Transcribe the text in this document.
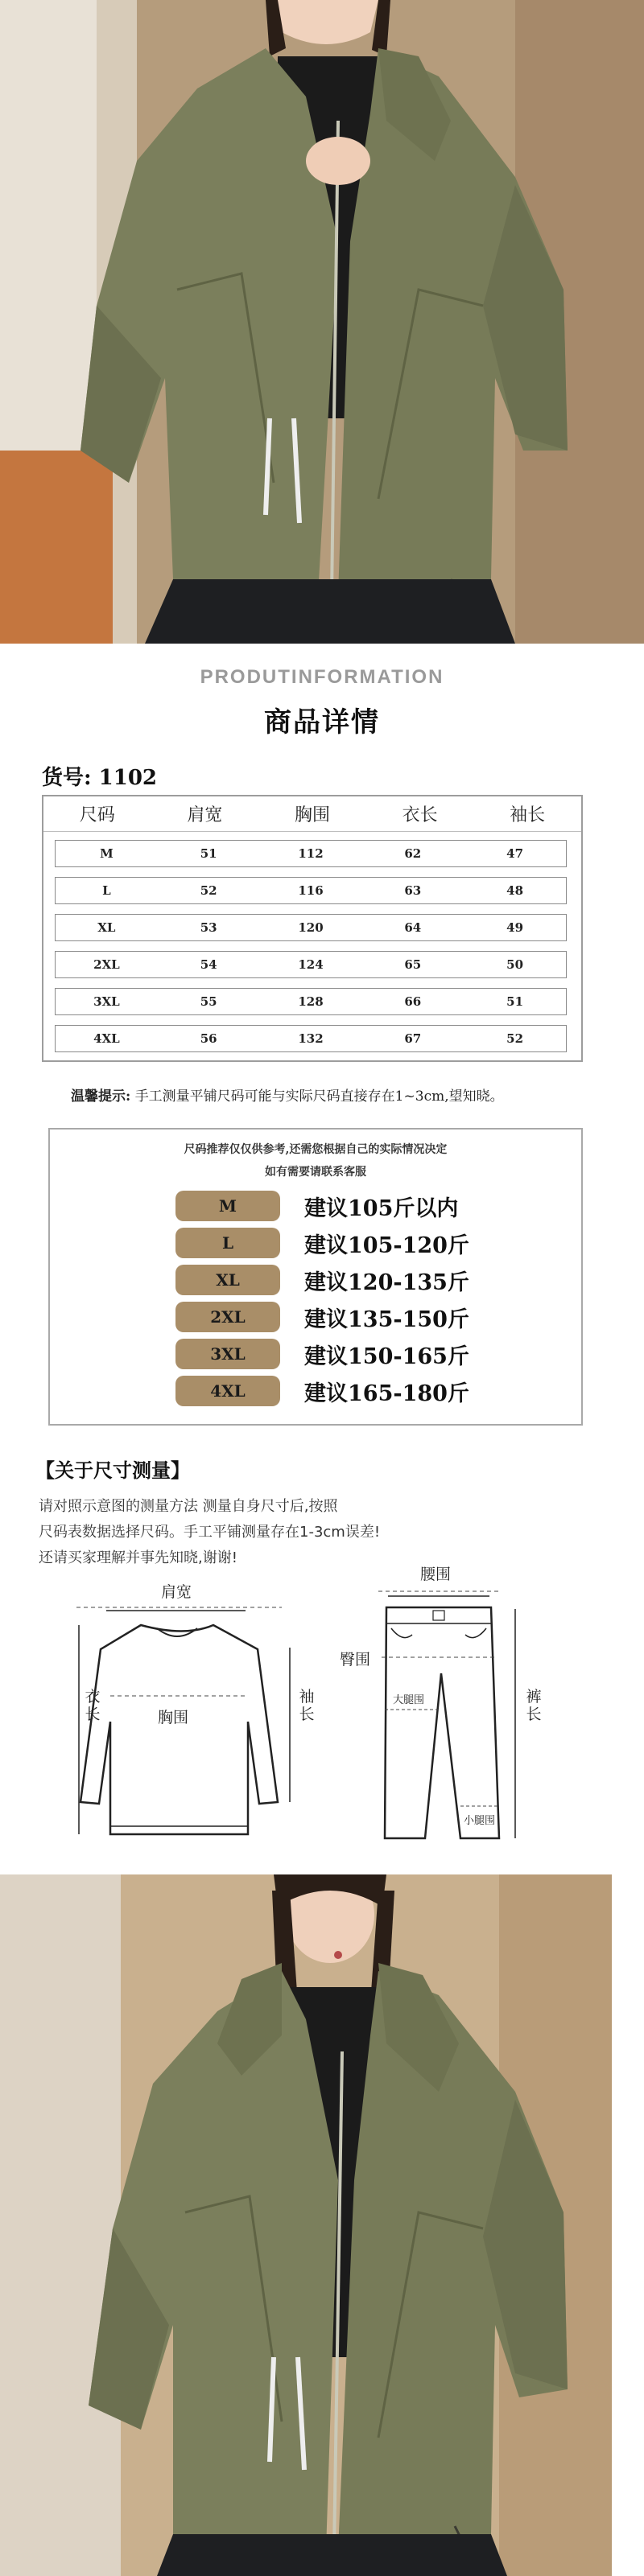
PRODUTINFORMATION
商品详情
货号: 1102
尺码	肩宽	胸围	衣长	袖长
M	51	112	62	47
L	52	116	63	48
XL	53	120	64	49
2XL	54	124	65	50
3XL	55	128	66	51
4XL	56	132	67	52
温馨提示: 手工测量平铺尺码可能与实际尺码直接存在1~3cm,望知晓。
尺码推荐仅仅供参考,还需您根据自己的实际情况决定
如有需要请联系客服
M	建议105斤以内
L	建议105-120斤
XL	建议120-135斤
2XL	建议135-150斤
3XL	建议150-165斤
4XL	建议165-180斤
【关于尺寸测量】
请对照示意图的测量方法 测量自身尺寸后,按照
尺码表数据选择尺码。手工平铺测量存在1-3cm误差!
还请买家理解并事先知晓,谢谢!
肩宽
衣长	胸围
袖长
腰围
臀围
大腿围	裤长
小腿围
